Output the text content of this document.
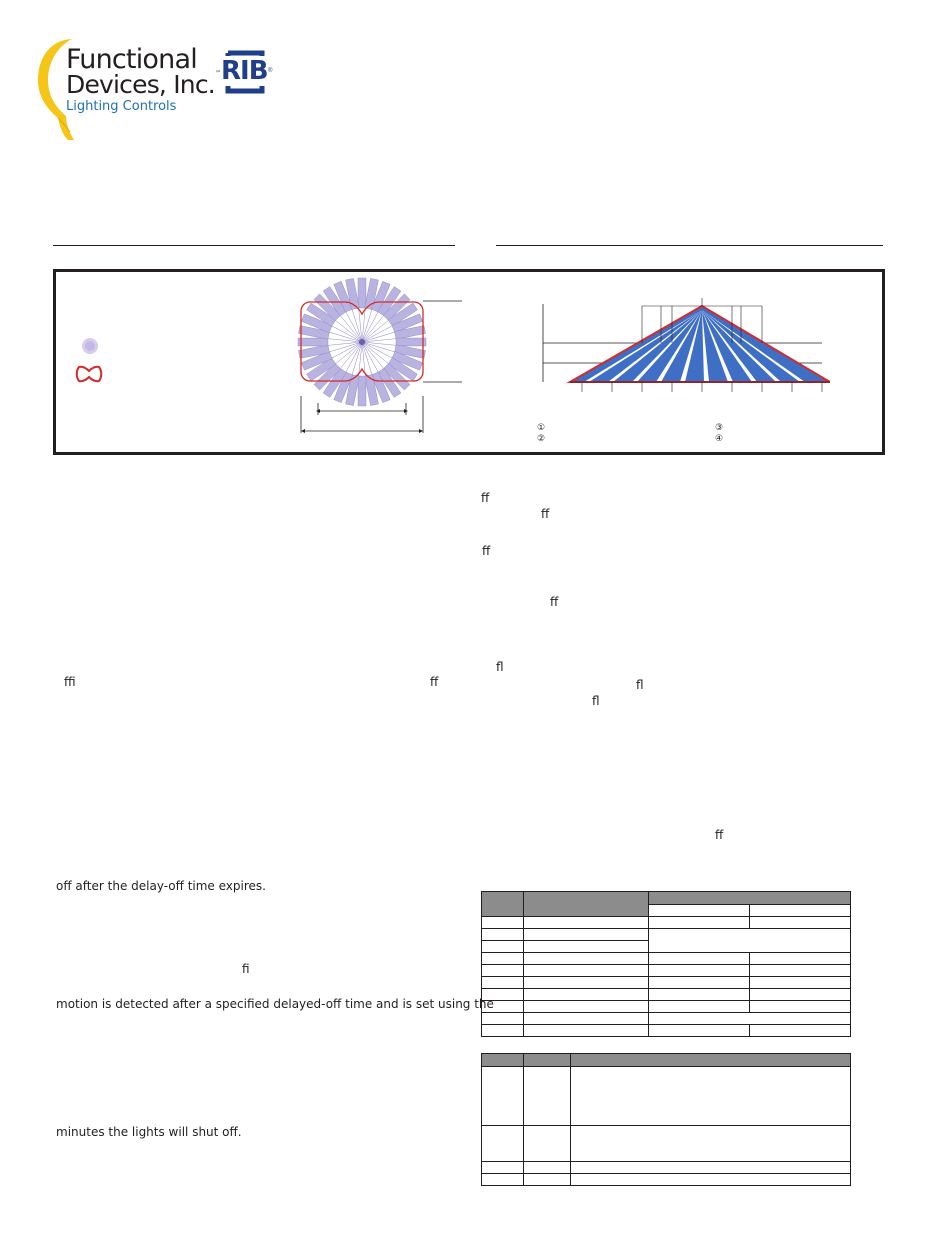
Functional
Devices, Inc.™
Lighting Controls
RIB ®
①
②
③
④
ff
ff
ff
ff
fl
fl
fl
ffi	ff
ff
fi
off after the delay-off time expires.
motion is detected after a specified delayed-off time and is set using the
minutes the lights will shut off.
